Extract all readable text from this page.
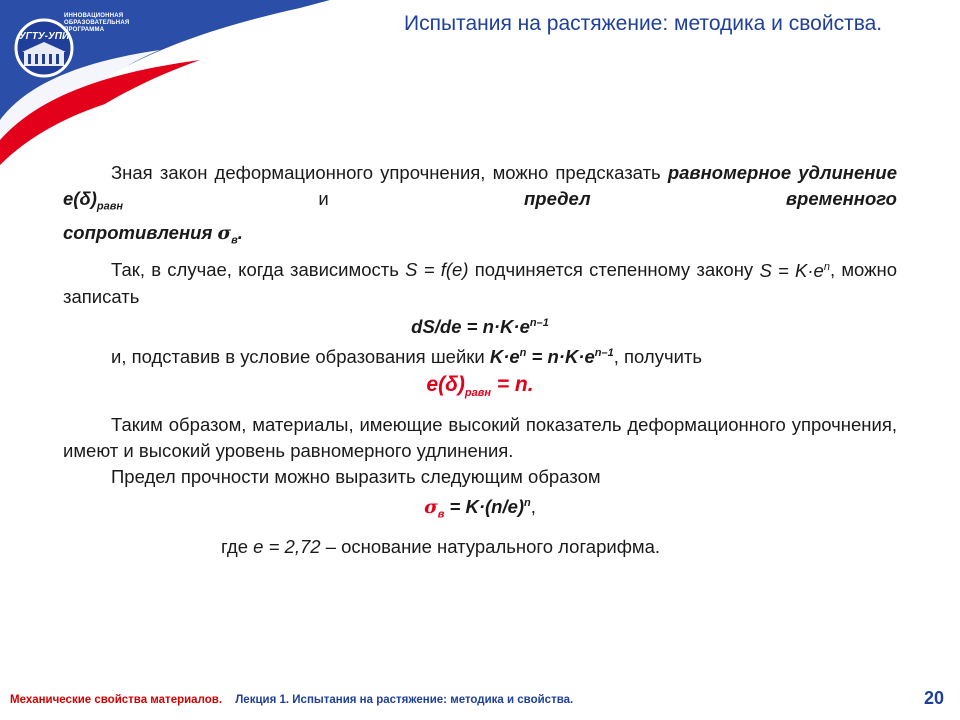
УГТУ-УПИ
ИННОВАЦИОННАЯ
ОБРАЗОВАТЕЛЬНАЯ
ПРОГРАММА	Испытания на растяжение: методика и свойства.

Зная закон деформационного упрочнения, можно предсказать равномерное удлинение $e(\delta)_{равн}$	и	предел временного

сопротивления $\sigma_в$.

Так, в случае, когда зависимость S = f(e) подчиняется степенному закону $S = K\cdot e^n$, можно записать

$dS/de = n\cdot K\cdot e^{n-1}$

и, подставив в условие образования шейки $K\cdot e^n = n\cdot K\cdot e^{n-1}$, получить

$e(\delta)_{равн} = n$.

Таким образом, материалы, имеющие высокий показатель деформационного упрочнения, имеют и высокий уровень равномерного удлинения.

Предел прочности можно выразить следующим образом

$\sigma_в = K\cdot(n/e)^n$,

где e = 2,72 – основание натурального логарифма.

Механические свойства материалов. Лекция 1. Испытания на растяжение: методика и свойства.	20
